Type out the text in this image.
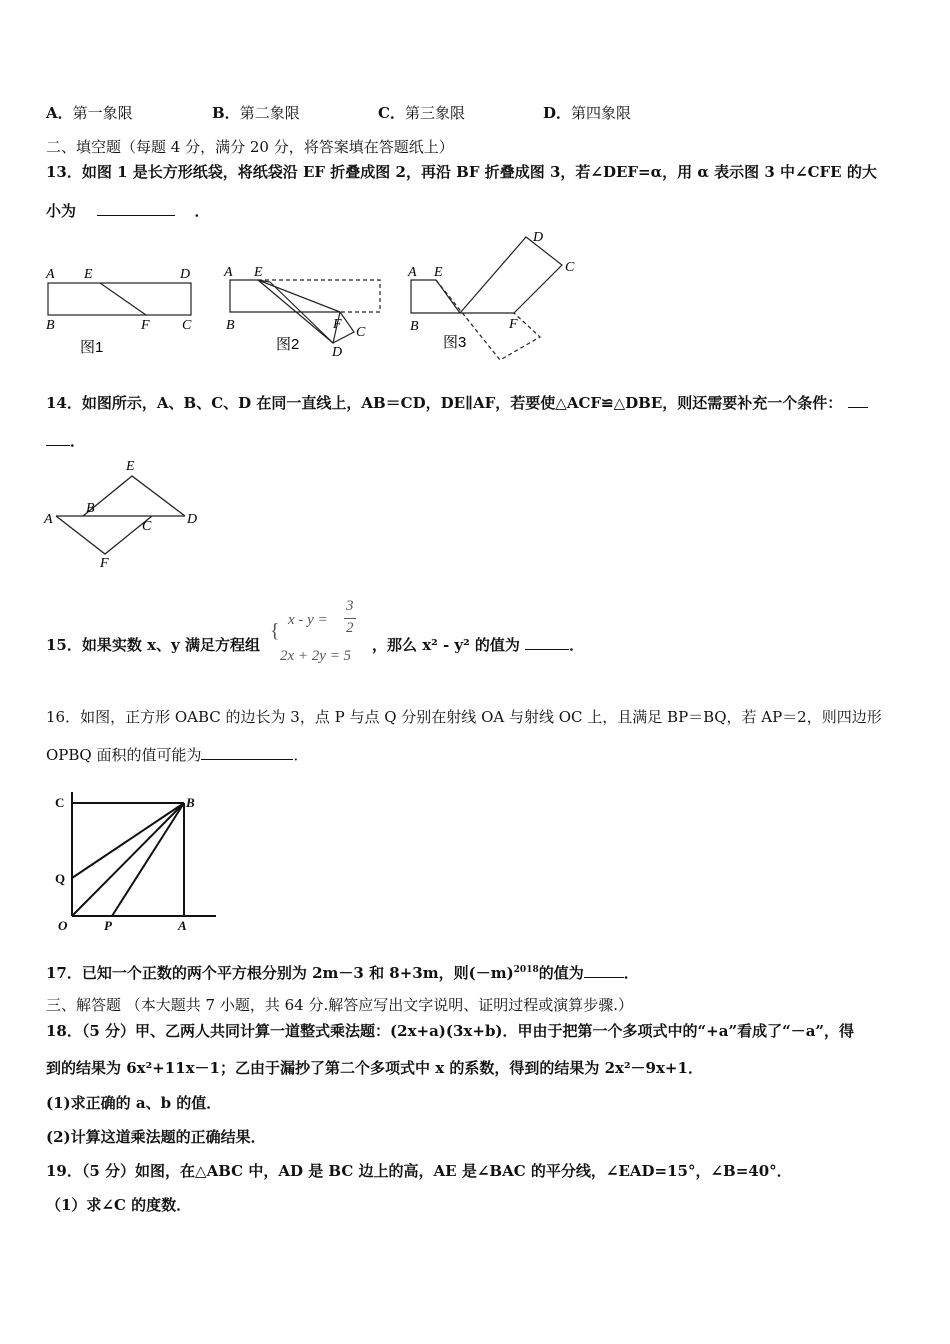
A．第一象限	B．第二象限	C．第三象限	D．第四象限
二、填空题（每题 4 分，满分 20 分，将答案填在答题纸上）
13．如图 1 是长方形纸袋，将纸袋沿 EF 折叠成图 2，再沿 BF 折叠成图 3，若∠DEF=α，用 α 表示图 3 中∠CFE 的大
小为	．
A E	D
B	F C
图1
A E
B	F
C
D
图2
A E
B	F
C
D
图3
14．如图所示，A、B、C、D 在同一直线上，AB＝CD，DE∥AF，若要使△ACF≌△DBE，则还需要补充一个条件：
．
A
B
C	D
E
F
15．如果实数 x、y 满足方程组
{ x - y =
3
2
2x + 2y = 5
，那么 x² - y² 的值为	．
16．如图，正方形 OABC 的边长为 3，点 P 与点 Q 分别在射线 OA 与射线 OC 上，且满足 BP＝BQ，若 AP＝2，则四边形
OPBQ 面积的值可能为	．
C	B
Q
O	P	A
17．已知一个正数的两个平方根分别为 2m－3 和 8+3m，则$(-m)^{2018}$的值为	．
三、解答题 （本大题共 7 小题，共 64 分.解答应写出文字说明、证明过程或演算步骤.）
18．（5 分）甲、乙两人共同计算一道整式乘法题：(2x+a)(3x+b)．甲由于把第一个多项式中的“+a”看成了“－a”，得
到的结果为 6x²+11x－1；乙由于漏抄了第二个多项式中 x 的系数，得到的结果为 2x²－9x+1．
(1)求正确的 a、b 的值．
(2)计算这道乘法题的正确结果．
19．（5 分）如图，在△ABC 中，AD 是 BC 边上的高，AE 是∠BAC 的平分线，∠EAD=15°，∠B=40°．
（1）求∠C 的度数．
